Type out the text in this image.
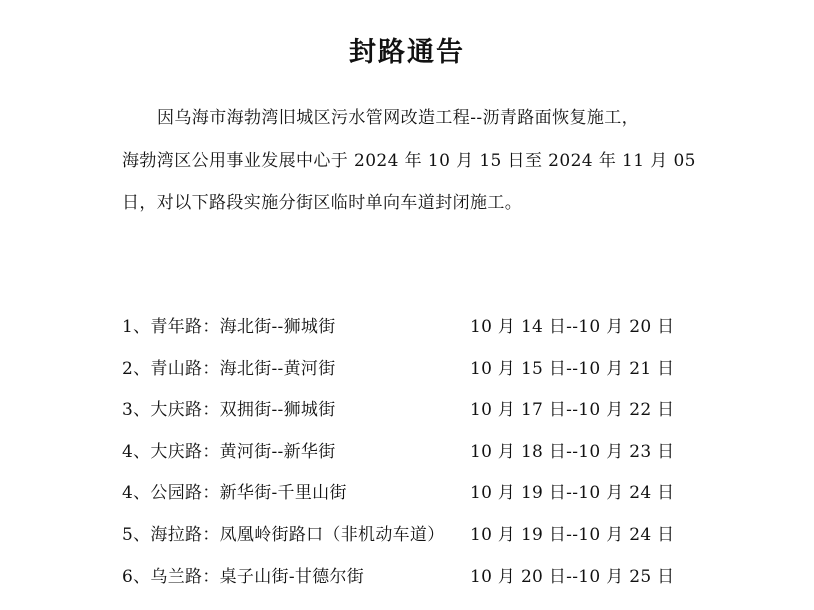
封路通告
因乌海市海勃湾旧城区污水管网改造工程--沥青路面恢复施工，
海勃湾区公用事业发展中心于 2024 年 10 月 15 日至 2024 年 11 月 05
日，对以下路段实施分街区临时单向车道封闭施工。
1、青年路：海北街--狮城街	10 月 14 日--10 月 20 日
2、青山路：海北街--黄河街	10 月 15 日--10 月 21 日
3、大庆路：双拥街--狮城街	10 月 17 日--10 月 22 日
4、大庆路：黄河街--新华街	10 月 18 日--10 月 23 日
4、公园路：新华街-千里山街	10 月 19 日--10 月 24 日
5、海拉路：凤凰岭街路口（非机动车道） 10 月 19 日--10 月 24 日
6、乌兰路：桌子山街-甘德尔街	10 月 20 日--10 月 25 日
